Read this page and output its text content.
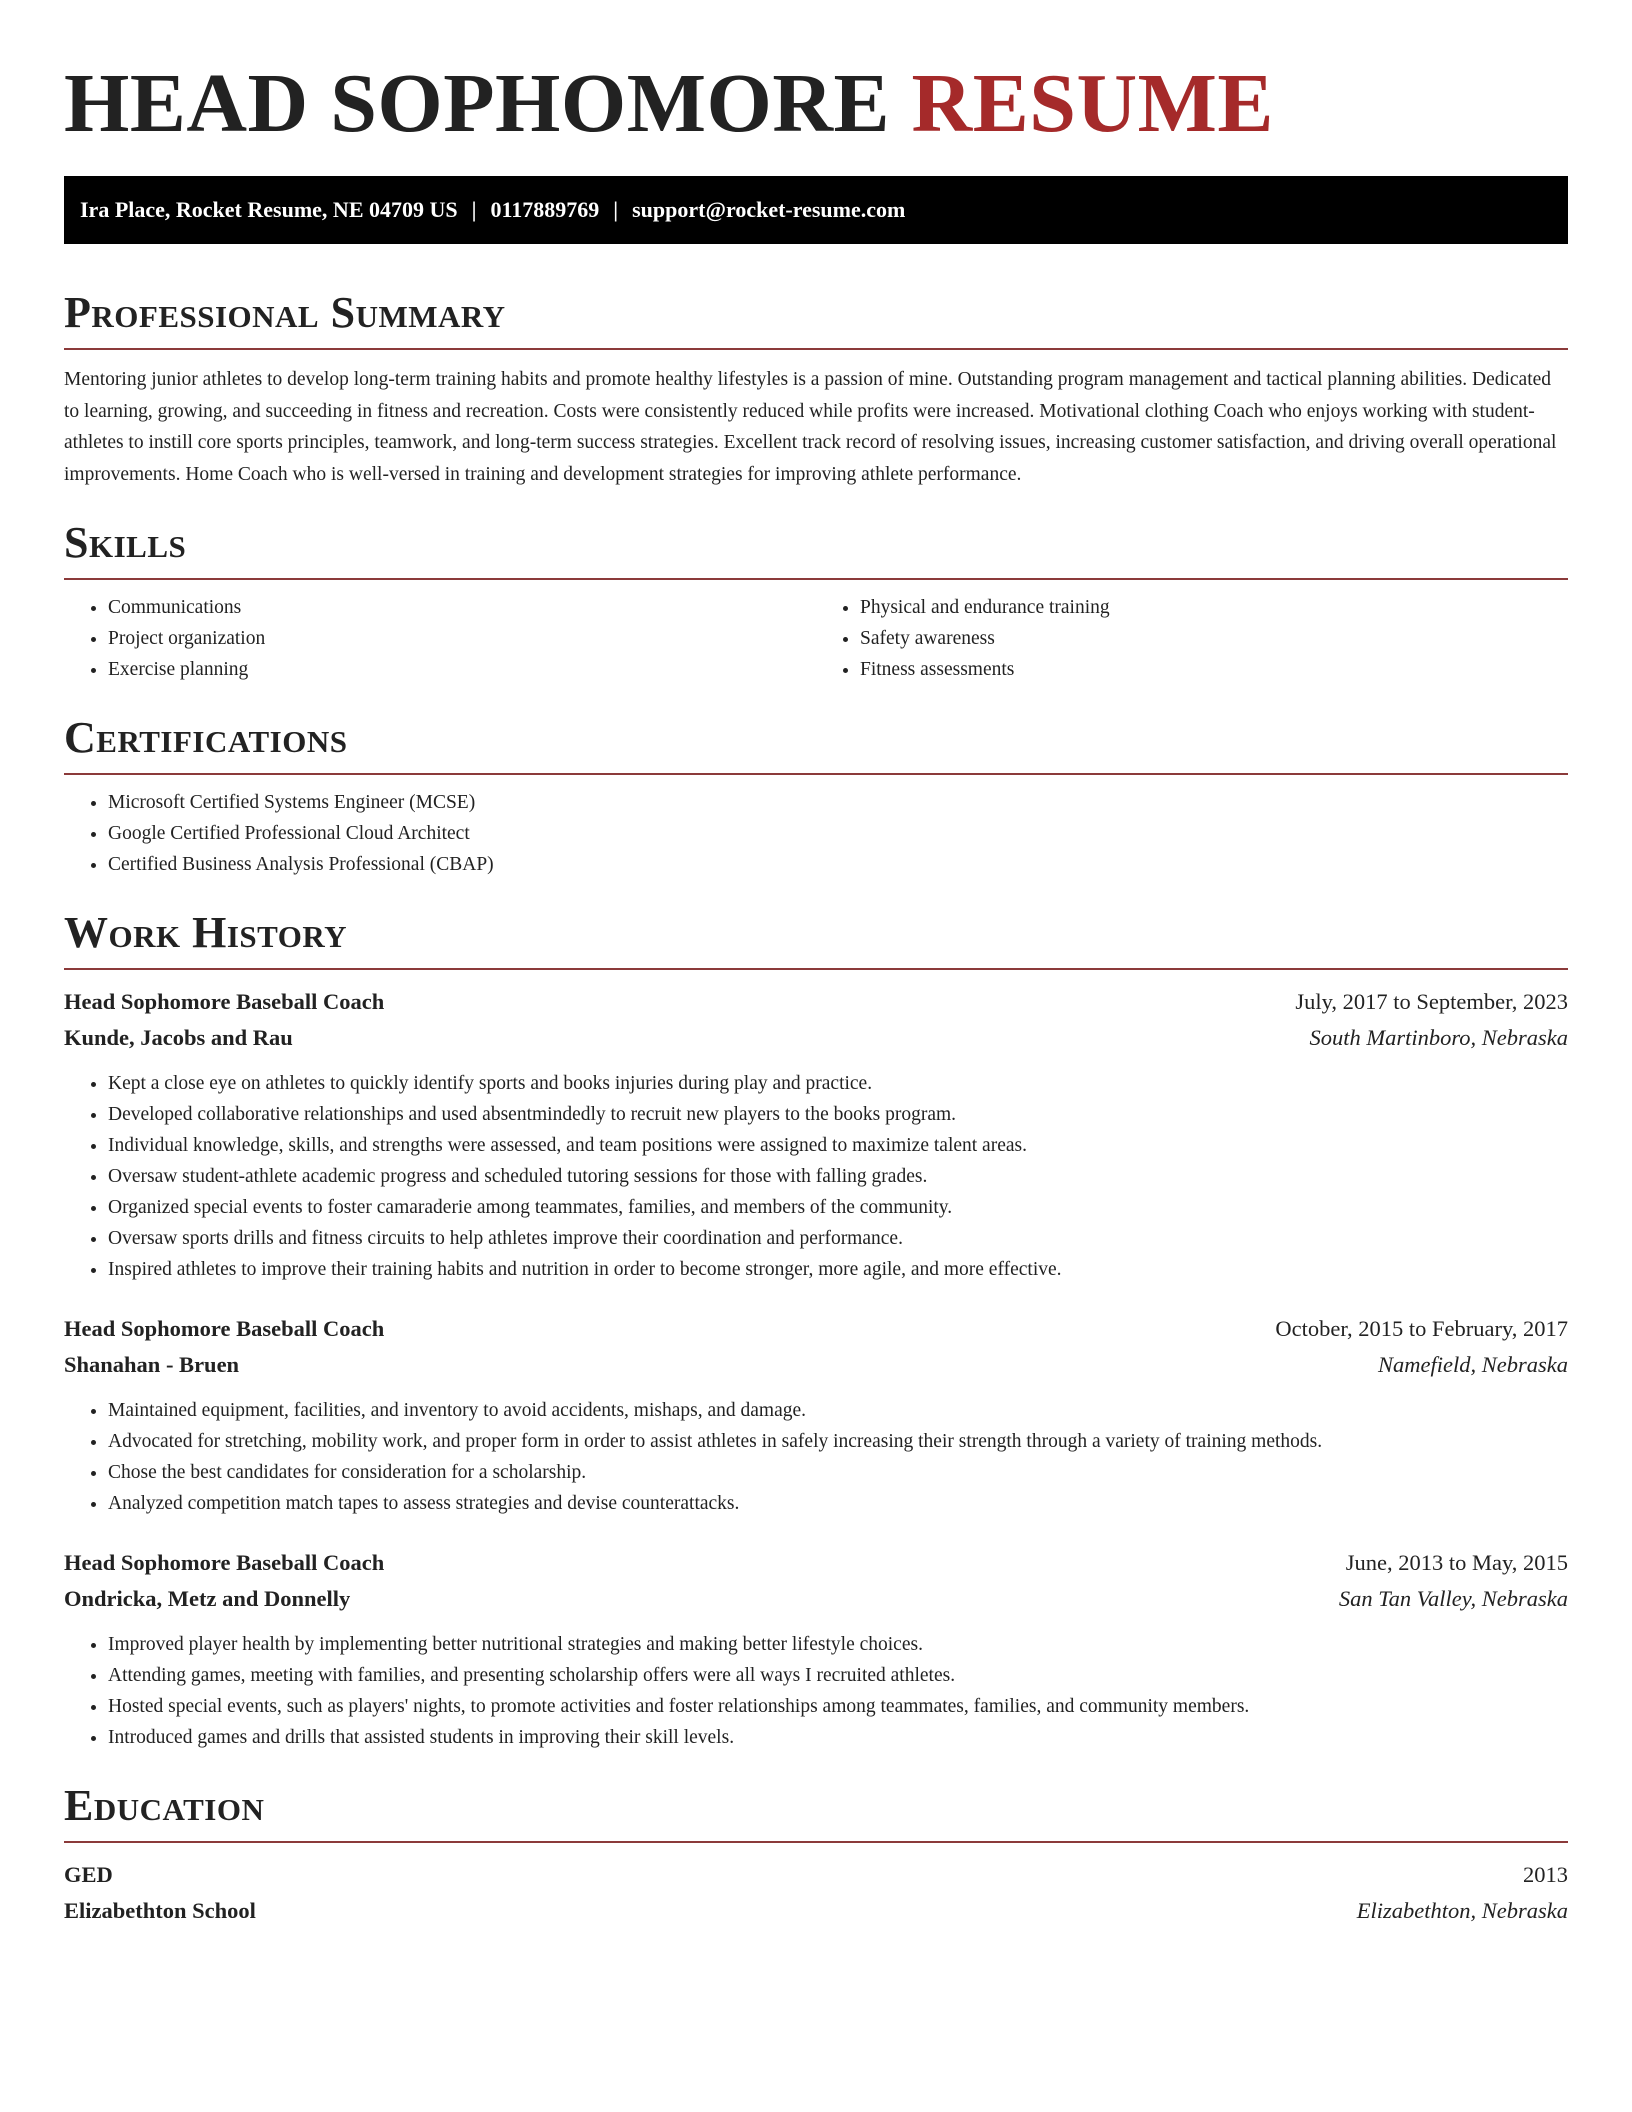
HEAD SOPHOMORE RESUME
Ira Place, Rocket Resume, NE 04709 US | 0117889769 | support@rocket-resume.com
Professional Summary

Mentoring junior athletes to develop long-term training habits and promote healthy lifestyles is a passion of mine. Outstanding program management and tactical planning abilities. Dedicated to learning, growing, and succeeding in fitness and recreation. Costs were consistently reduced while profits were increased. Motivational clothing Coach who enjoys working with student-athletes to instill core sports principles, teamwork, and long-term success strategies. Excellent track record of resolving issues, increasing customer satisfaction, and driving overall operational improvements. Home Coach who is well-versed in training and development strategies for improving athlete performance.

Skills
• Communications
• Project organization
• Exercise planning
• Physical and endurance training
• Safety awareness
• Fitness assessments
Certifications
• Microsoft Certified Systems Engineer (MCSE)
• Google Certified Professional Cloud Architect
• Certified Business Analysis Professional (CBAP)
Work History
Head Sophomore Baseball Coach	July, 2017 to September, 2023
Kunde, Jacobs and Rau	South Martinboro, Nebraska
• Kept a close eye on athletes to quickly identify sports and books injuries during play and practice.
• Developed collaborative relationships and used absentmindedly to recruit new players to the books program.
• Individual knowledge, skills, and strengths were assessed, and team positions were assigned to maximize talent areas.
• Oversaw student-athlete academic progress and scheduled tutoring sessions for those with falling grades.
• Organized special events to foster camaraderie among teammates, families, and members of the community.
• Oversaw sports drills and fitness circuits to help athletes improve their coordination and performance.
• Inspired athletes to improve their training habits and nutrition in order to become stronger, more agile, and more effective.
Head Sophomore Baseball Coach	October, 2015 to February, 2017
Shanahan - Bruen	Namefield, Nebraska
• Maintained equipment, facilities, and inventory to avoid accidents, mishaps, and damage.
• Advocated for stretching, mobility work, and proper form in order to assist athletes in safely increasing their strength through a variety of training methods.
• Chose the best candidates for consideration for a scholarship.
• Analyzed competition match tapes to assess strategies and devise counterattacks.
Head Sophomore Baseball Coach	June, 2013 to May, 2015
Ondricka, Metz and Donnelly	San Tan Valley, Nebraska
• Improved player health by implementing better nutritional strategies and making better lifestyle choices.
• Attending games, meeting with families, and presenting scholarship offers were all ways I recruited athletes.
• Hosted special events, such as players' nights, to promote activities and foster relationships among teammates, families, and community members.
• Introduced games and drills that assisted students in improving their skill levels.
Education
GED	2013
Elizabethton School	Elizabethton, Nebraska
